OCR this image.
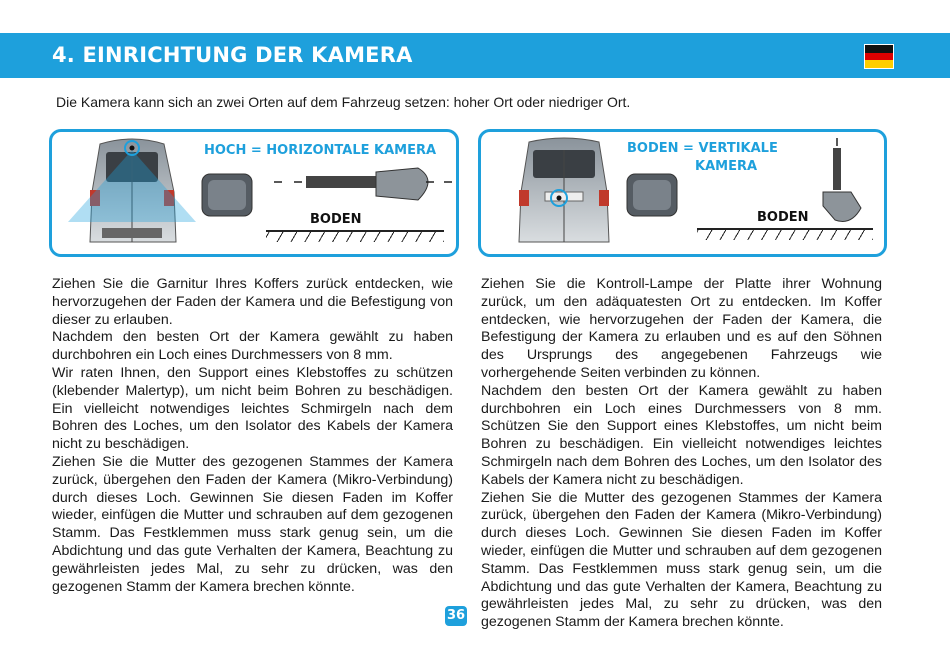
4. EINRICHTUNG DER KAMERA
Die Kamera kann sich an zwei Orten auf dem Fahrzeug setzen: hoher Ort oder niedriger Ort.
HOCH = HORIZONTALE KAMERA
BODEN
BODEN = VERTIKALE
KAMERA
BODEN

Ziehen Sie die Garnitur Ihres Koffers zurück entdecken, wie hervorzugehen der Faden der Kamera und die Befestigung von dieser zu erlauben.

Nachdem den besten Ort der Kamera gewählt zu haben durchbohren ein Loch eines Durchmessers von 8 mm.

Wir raten Ihnen, den Support eines Klebstoffes zu schützen (klebender Malertyp), um nicht beim Bohren zu beschädigen. Ein vielleicht notwendiges leichtes Schmirgeln nach dem Bohren des Loches, um den Isolator des Kabels der Kamera nicht zu beschädigen.

Ziehen Sie die Mutter des gezogenen Stammes der Kamera zurück, übergehen den Faden der Kamera (Mikro-Verbindung) durch dieses Loch. Gewinnen Sie diesen Faden im Koffer wieder, einfügen die Mutter und schrauben auf dem gezogenen Stamm. Das Festklemmen muss stark genug sein, um die Abdichtung und das gute Verhalten der Kamera, Beachtung zu gewährleisten jedes Mal, zu sehr zu drücken, was den gezogenen Stamm der Kamera brechen könnte.

Ziehen Sie die Kontroll-Lampe der Platte ihrer Wohnung zurück, um den adäquatesten Ort zu entdecken. Im Koffer entdecken, wie hervorzugehen der Faden der Kamera, die Befestigung der Kamera zu erlauben und es auf den Söhnen des Ursprungs des angegebenen Fahrzeugs wie vorhergehende Seiten verbinden zu können.

Nachdem den besten Ort der Kamera gewählt zu haben durchbohren ein Loch eines Durchmessers von 8 mm. Schützen Sie den Support eines Klebstoffes, um nicht beim Bohren zu beschädigen. Ein vielleicht notwendiges leichtes Schmirgeln nach dem Bohren des Loches, um den Isolator des Kabels der Kamera nicht zu beschädigen.

Ziehen Sie die Mutter des gezogenen Stammes der Kamera zurück, übergehen den Faden der Kamera (Mikro-Verbindung) durch dieses Loch. Gewinnen Sie diesen Faden im Koffer wieder, einfügen die Mutter und schrauben auf dem gezogenen Stamm. Das Festklemmen muss stark genug sein, um die Abdichtung und das gute Verhalten der Kamera, Beachtung zu gewährleisten jedes Mal, zu sehr zu drücken, was den gezogenen Stamm der Kamera brechen könnte.

36
